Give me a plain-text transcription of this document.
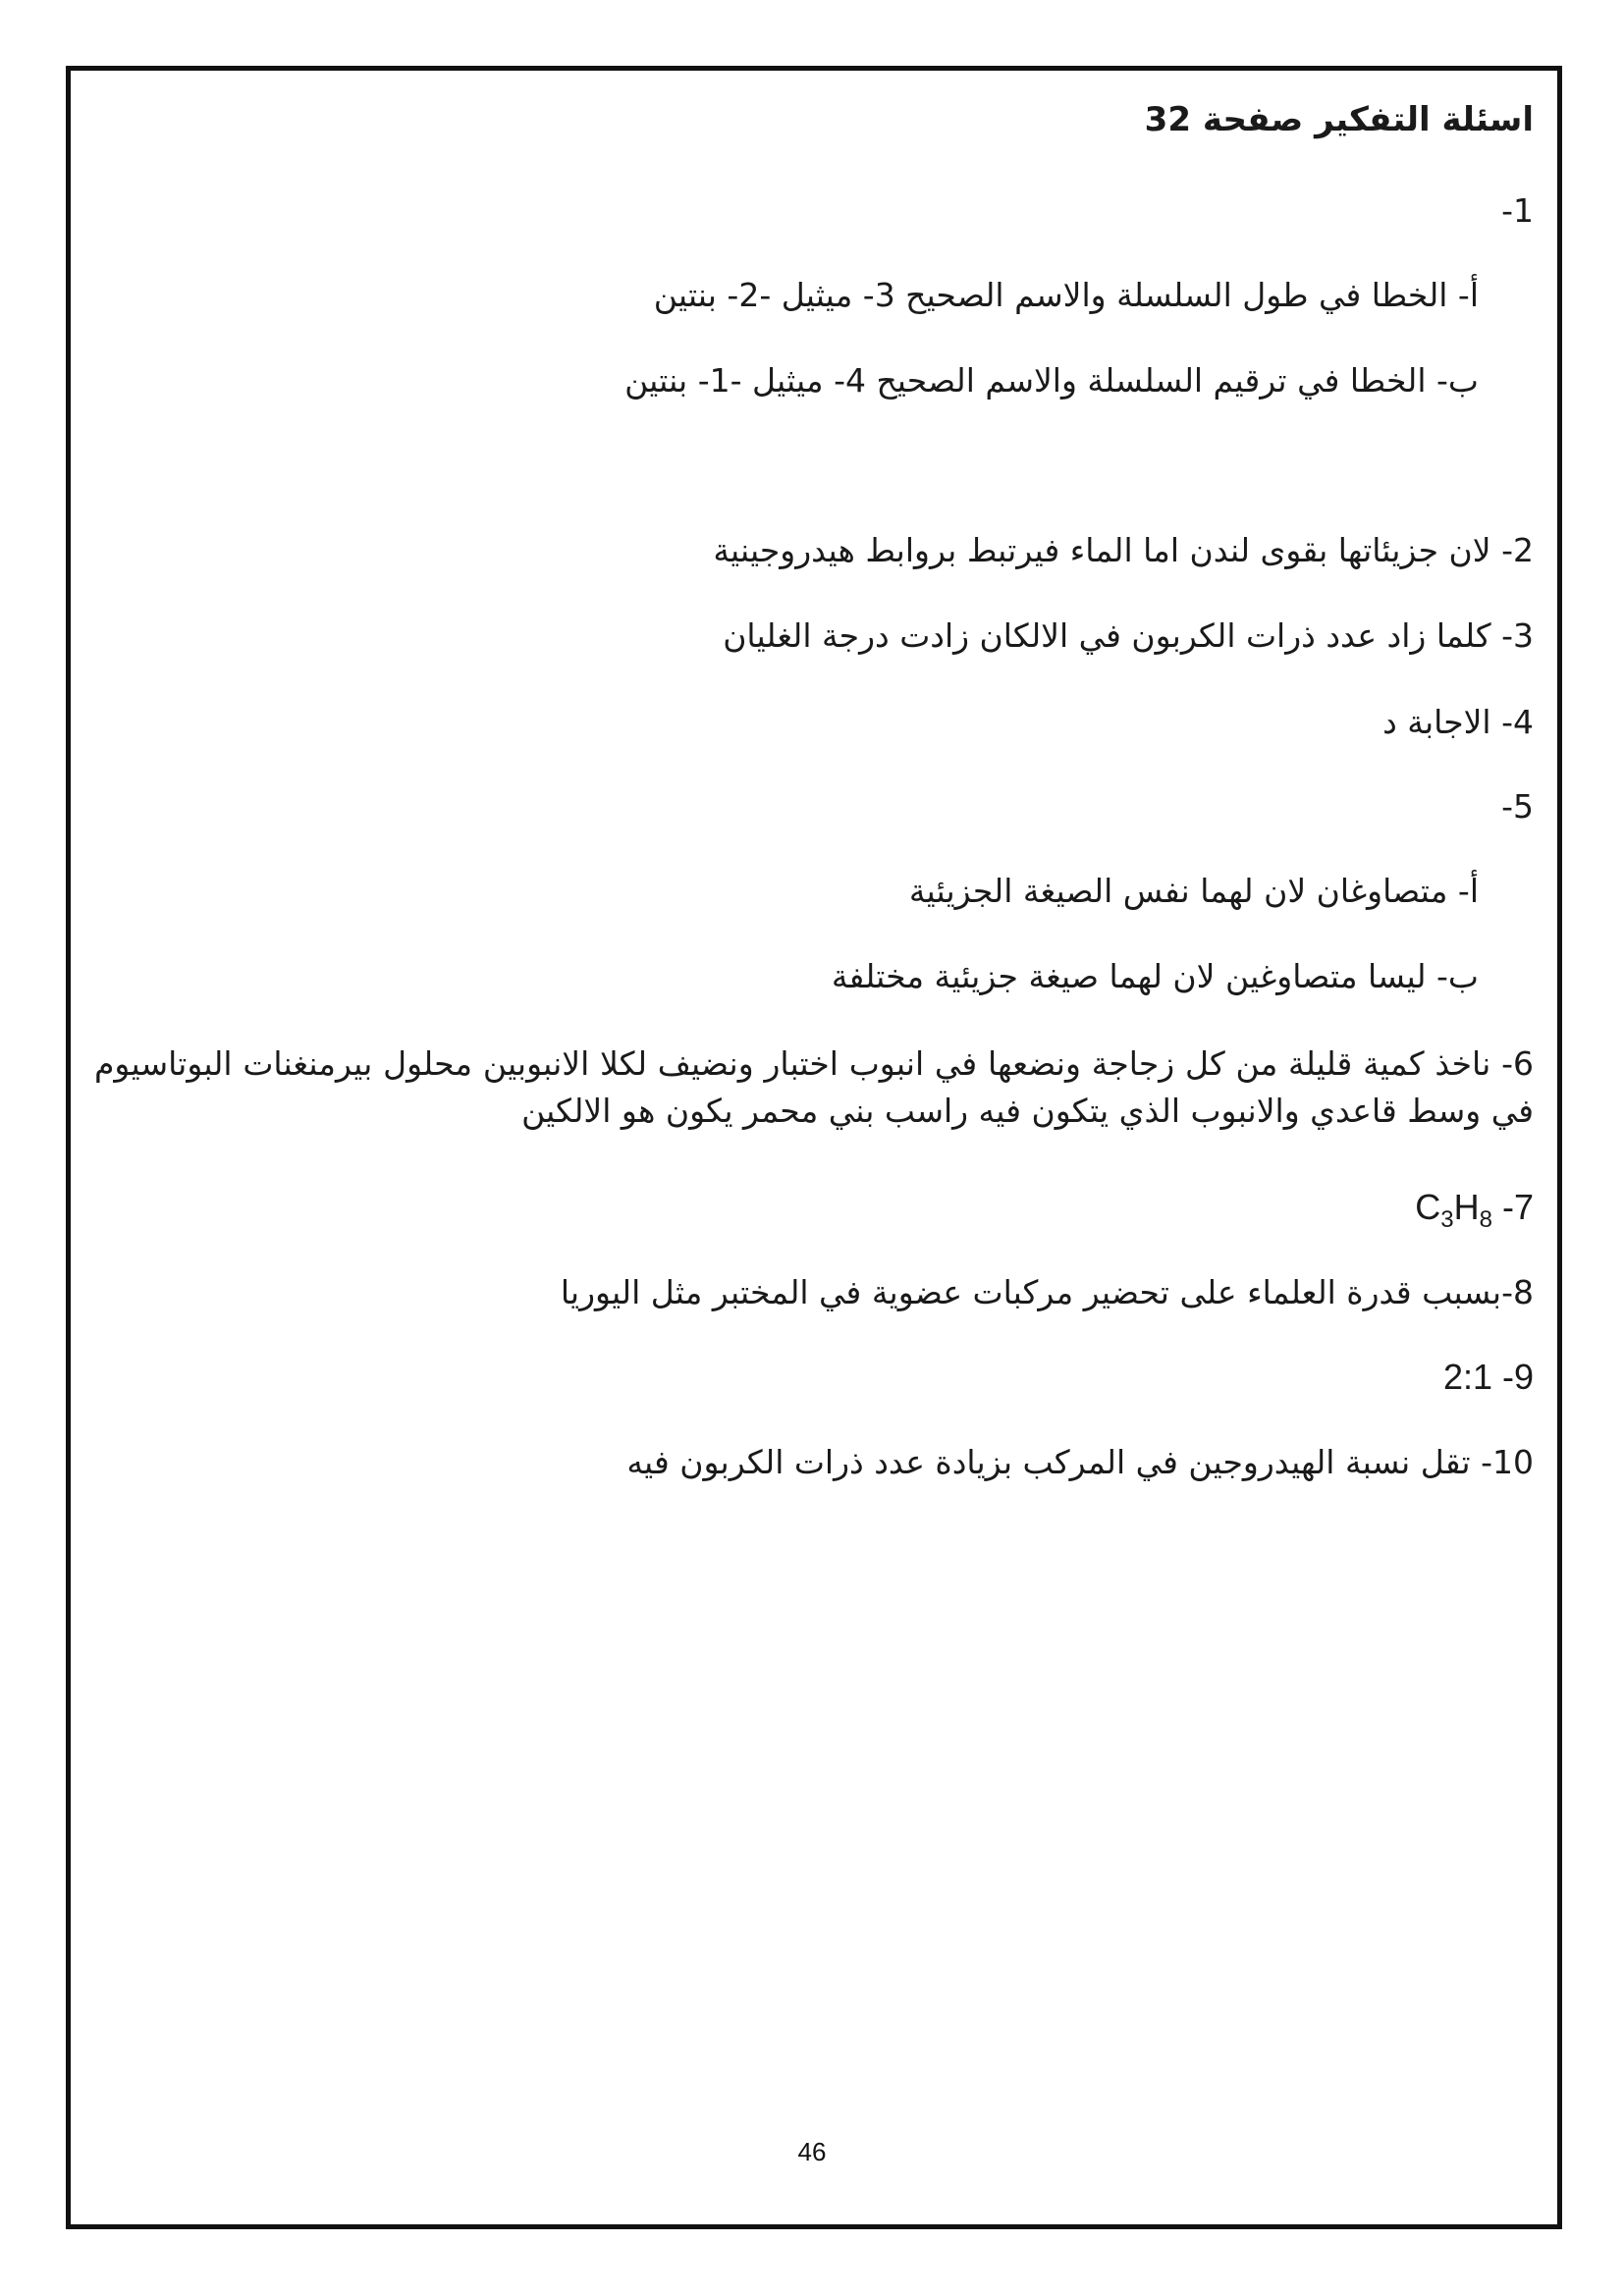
اسئلة التفكير صفحة 32
1-
أ- الخطا في طول السلسلة والاسم الصحيح 3- ميثيل -2- بنتين
ب- الخطا في ترقيم السلسلة والاسم الصحيح 4- ميثيل -1- بنتين
2- لان جزيئاتها بقوى لندن اما الماء فيرتبط بروابط هيدروجينية
3- كلما زاد عدد ذرات الكربون في الالكان زادت درجة الغليان
4- الاجابة د
5-
أ- متصاوغان لان لهما نفس الصيغة الجزيئية
ب- ليسا متصاوغين لان لهما صيغة جزيئية مختلفة
6- ناخذ كمية قليلة من كل زجاجة ونضعها في انبوب اختبار ونضيف لكلا الانبوبين محلول بيرمنغنات البوتاسيوم في وسط قاعدي والانبوب الذي يتكون فيه راسب بني محمر يكون هو الالكين
$C_3H_8$ -7
8-بسبب قدرة العلماء على تحضير مركبات عضوية في المختبر مثل اليوريا
2:1 -9
10- تقل نسبة الهيدروجين في المركب بزيادة عدد ذرات الكربون فيه
46
